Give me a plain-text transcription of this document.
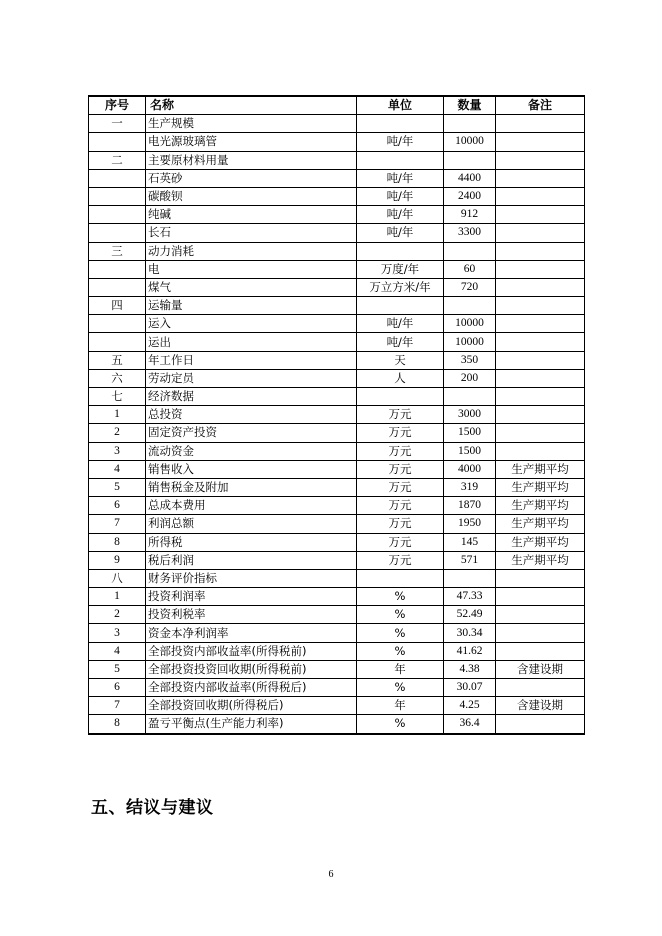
序号	名称	单位	数量	备注
一	生产规模			
	电光源玻璃管	吨/年	10000	
二	主要原材料用量			
	石英砂	吨/年	4400	
	碳酸钡	吨/年	2400	
	纯碱	吨/年	912	
	长石	吨/年	3300	
三	动力消耗			
	电	万度/年	60	
	煤气	万立方米/年	720	
四	运输量			
	运入	吨/年	10000	
	运出	吨/年	10000	
五	年工作日	天	350	
六	劳动定员	人	200	
七	经济数据			
1	总投资	万元	3000	
2	固定资产投资	万元	1500	
3	流动资金	万元	1500	
4	销售收入	万元	4000	生产期平均
5	销售税金及附加	万元	319	生产期平均
6	总成本费用	万元	1870	生产期平均
7	利润总额	万元	1950	生产期平均
8	所得税	万元	145	生产期平均
9	税后利润	万元	571	生产期平均
八	财务评价指标			
1	投资利润率	%	47.33	
2	投资利税率	%	52.49	
3	资金本净利润率	%	30.34	
4	全部投资内部收益率(所得税前)	%	41.62	
5	全部投资投资回收期(所得税前)	年	4.38	含建设期
6	全部投资内部收益率(所得税后)	%	30.07	
7	全部投资回收期(所得税后)	年	4.25	含建设期
8	盈亏平衡点(生产能力利率)	%	36.4	
五、结议与建议
6
